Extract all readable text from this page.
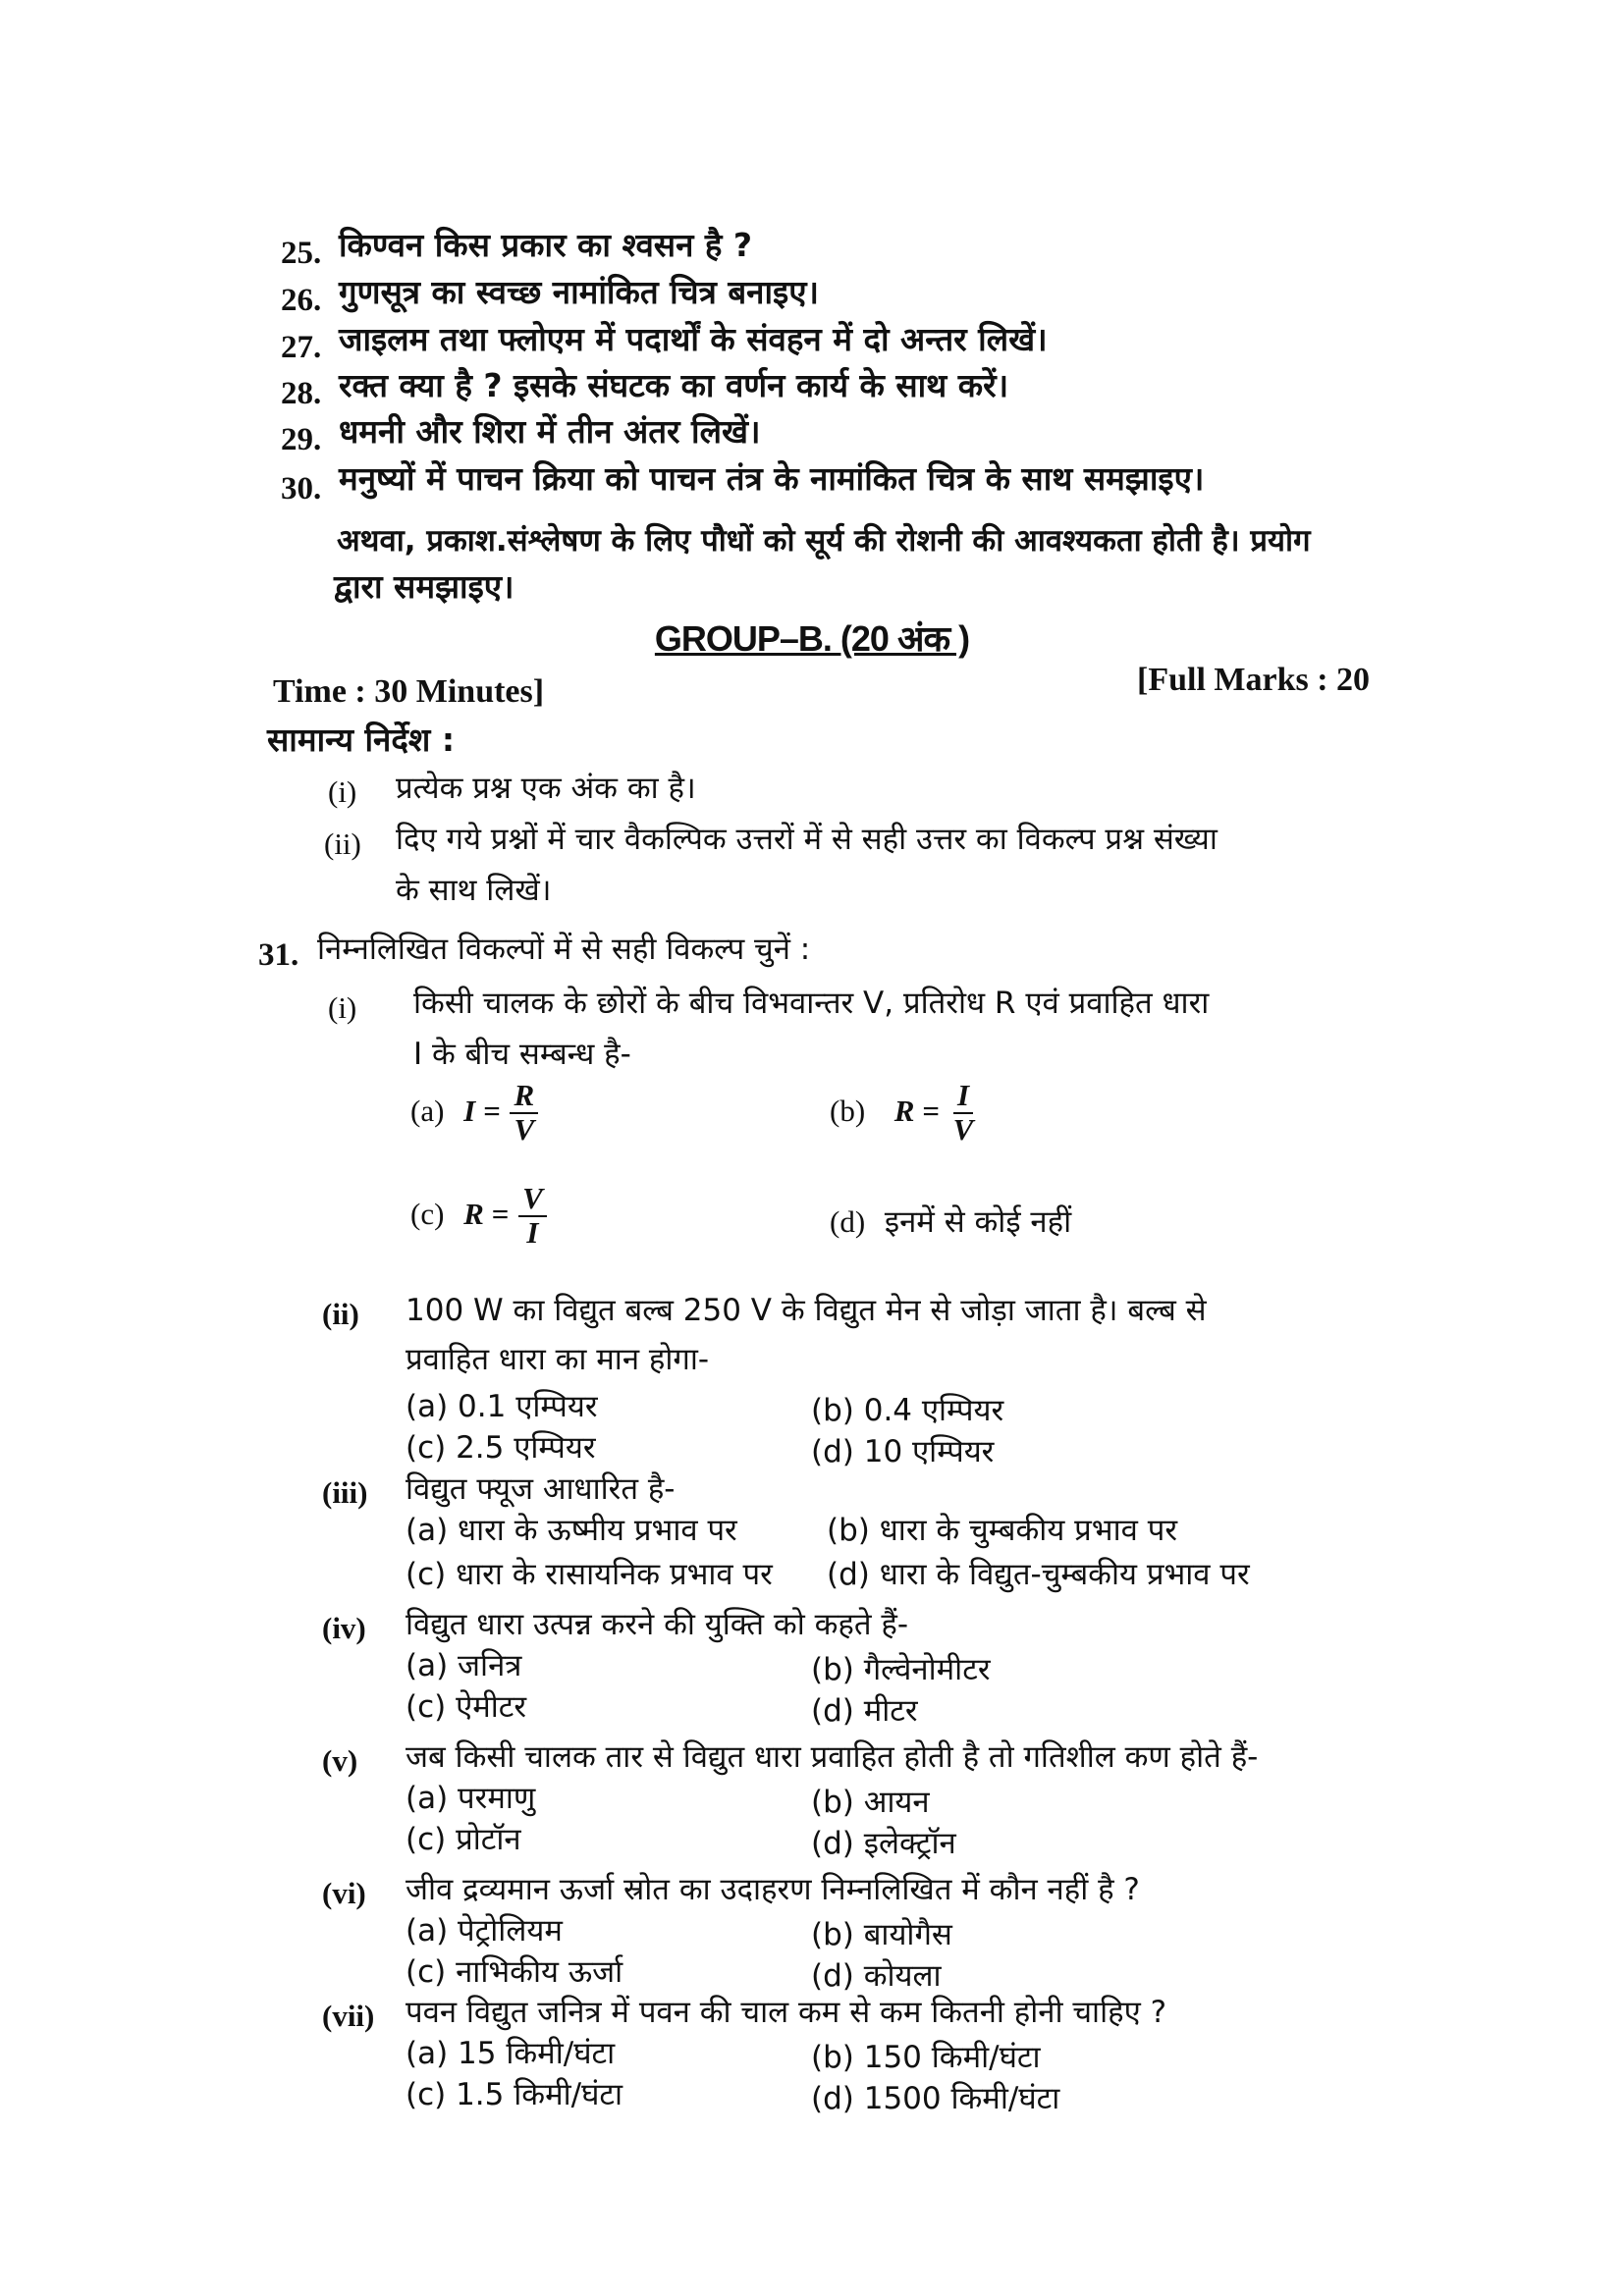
25. किण्वन किस प्रकार का श्वसन है ?
26. गुणसूत्र का स्वच्छ नामांकित चित्र बनाइए।
27. जाइलम तथा फ्लोएम में पदार्थों के संवहन में दो अन्तर लिखें।
28. रक्त क्या है ? इसके संघटक का वर्णन कार्य के साथ करें।
29. धमनी और शिरा में तीन अंतर लिखें।
30. मनुष्यों में पाचन क्रिया को पाचन तंत्र के नामांकित चित्र के साथ समझाइए।
अथवा, प्रकाश.संश्लेषण के लिए पौधों को सूर्य की रोशनी की आवश्यकता होती है। प्रयोग
द्वारा समझाइए।
GROUP–B. (20 अंक )
Time : 30 Minutes]	[Full Marks : 20
सामान्य निर्देश :
(i) प्रत्येक प्रश्न एक अंक का है।
(ii) दिए गये प्रश्नों में चार वैकल्पिक उत्तरों में से सही उत्तर का विकल्प प्रश्न संख्या
के साथ लिखें।
31. निम्नलिखित विकल्पों में से सही विकल्प चुनें :
(i) किसी चालक के छोरों के बीच विभवान्तर V, प्रतिरोध R एवं प्रवाहित धारा
I के बीच सम्बन्ध है-
(a) $I = \frac{R}{V}$	(b) $R = \frac{I}{V}$
(c) $R = \frac{V}{I}$	(d) इनमें से कोई नहीं
(ii) 100 W का विद्युत बल्ब 250 V के विद्युत मेन से जोड़ा जाता है। बल्ब से
प्रवाहित धारा का मान होगा-
(a) 0.1 एम्पियर	(b) 0.4 एम्पियर
(c) 2.5 एम्पियर	(d) 10 एम्पियर
(iii) विद्युत फ्यूज आधारित है-
(a) धारा के ऊष्मीय प्रभाव पर	(b) धारा के चुम्बकीय प्रभाव पर
(c) धारा के रासायनिक प्रभाव पर (d) धारा के विद्युत-चुम्बकीय प्रभाव पर
(iv) विद्युत धारा उत्पन्न करने की युक्ति को कहते हैं-
(a) जनित्र	(b) गैल्वेनोमीटर
(c) ऐमीटर	(d) मीटर
(v) जब किसी चालक तार से विद्युत धारा प्रवाहित होती है तो गतिशील कण होते हैं-
(a) परमाणु	(b) आयन
(c) प्रोटॉन	(d) इलेक्ट्रॉन
(vi) जीव द्रव्यमान ऊर्जा स्रोत का उदाहरण निम्नलिखित में कौन नहीं है ?
(a) पेट्रोलियम	(b) बायोगैस
(c) नाभिकीय ऊर्जा	(d) कोयला
(vii) पवन विद्युत जनित्र में पवन की चाल कम से कम कितनी होनी चाहिए ?
(a) 15 किमी/घंटा	(b) 150 किमी/घंटा
(c) 1.5 किमी/घंटा	(d) 1500 किमी/घंटा
